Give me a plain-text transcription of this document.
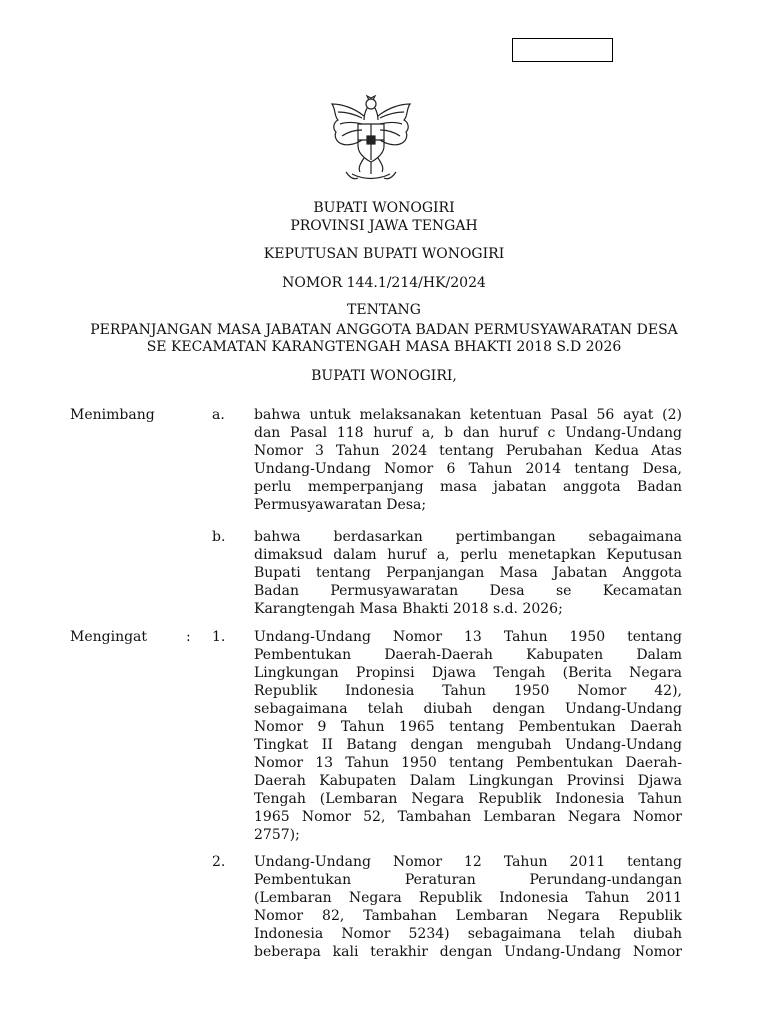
BUPATI WONOGIRI
PROVINSI JAWA TENGAH
KEPUTUSAN BUPATI WONOGIRI
NOMOR 144.1/214/HK/2024
TENTANG
PERPANJANGAN MASA JABATAN ANGGOTA BADAN PERMUSYAWARATAN DESA
SE KECAMATAN KARANGTENGAH MASA BHAKTI 2018 S.D 2026
BUPATI WONOGIRI,
Menimbang	a. bahwa untuk melaksanakan ketentuan Pasal 56 ayat (2)
dan Pasal 118 huruf a, b dan huruf c Undang-Undang
Nomor 3 Tahun 2024 tentang Perubahan Kedua Atas
Undang-Undang Nomor 6 Tahun 2014 tentang Desa,
perlu memperpanjang masa jabatan anggota Badan
Permusyawaratan Desa;
b. bahwa berdasarkan pertimbangan sebagaimana
dimaksud dalam huruf a, perlu menetapkan Keputusan
Bupati tentang Perpanjangan Masa Jabatan Anggota
Badan Permusyawaratan Desa se Kecamatan
Karangtengah Masa Bhakti 2018 s.d. 2026;
Mengingat	: 1. Undang-Undang Nomor 13 Tahun 1950 tentang
Pembentukan Daerah-Daerah Kabupaten Dalam
Lingkungan Propinsi Djawa Tengah (Berita Negara
Republik Indonesia Tahun 1950 Nomor 42),
sebagaimana telah diubah dengan Undang-Undang
Nomor 9 Tahun 1965 tentang Pembentukan Daerah
Tingkat II Batang dengan mengubah Undang-Undang
Nomor 13 Tahun 1950 tentang Pembentukan Daerah-
Daerah Kabupaten Dalam Lingkungan Provinsi Djawa
Tengah (Lembaran Negara Republik Indonesia Tahun
1965 Nomor 52, Tambahan Lembaran Negara Nomor
2757);
2. Undang-Undang Nomor 12 Tahun 2011 tentang
Pembentukan Peraturan Perundang-undangan
(Lembaran Negara Republik Indonesia Tahun 2011
Nomor 82, Tambahan Lembaran Negara Republik
Indonesia Nomor 5234) sebagaimana telah diubah
beberapa kali terakhir dengan Undang-Undang Nomor
